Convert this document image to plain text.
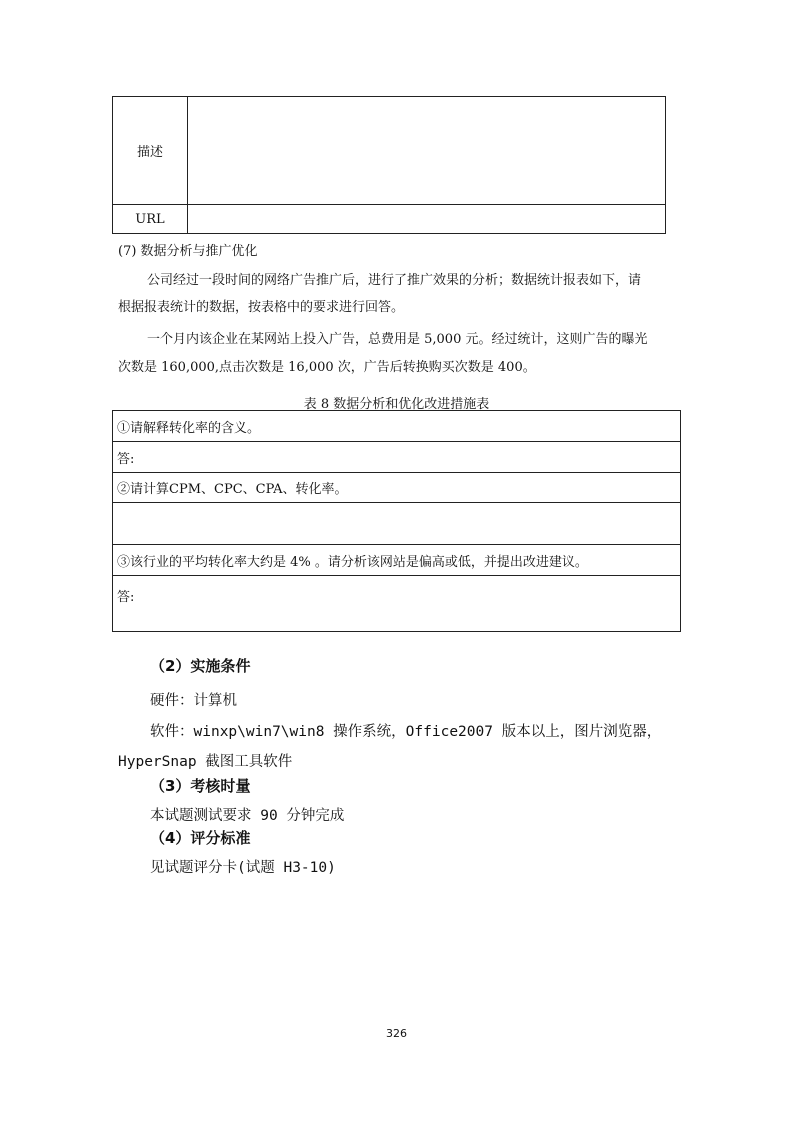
描述	
URL	
(7) 数据分析与推广优化
公司经过一段时间的网络广告推广后，进行了推广效果的分析；数据统计报表如下，请
根据报表统计的数据，按表格中的要求进行回答。
一个月内该企业在某网站上投入广告，总费用是 5,000 元。经过统计，这则广告的曝光
次数是 160,000,点击次数是 16,000 次，广告后转换购买次数是 400。
表 8 数据分析和优化改进措施表
①请解释转化率的含义。
答:
②请计算CPM、CPC、CPA、转化率。

③该行业的平均转化率大约是 4% 。请分析该网站是偏高或低，并提出改进建议。
答:
（2）实施条件
硬件：计算机
软件：winxp\win7\win8 操作系统，Office2007 版本以上，图片浏览器，
HyperSnap 截图工具软件
（3）考核时量
本试题测试要求 90 分钟完成
（4）评分标准
见试题评分卡(试题 H3-10)
326
